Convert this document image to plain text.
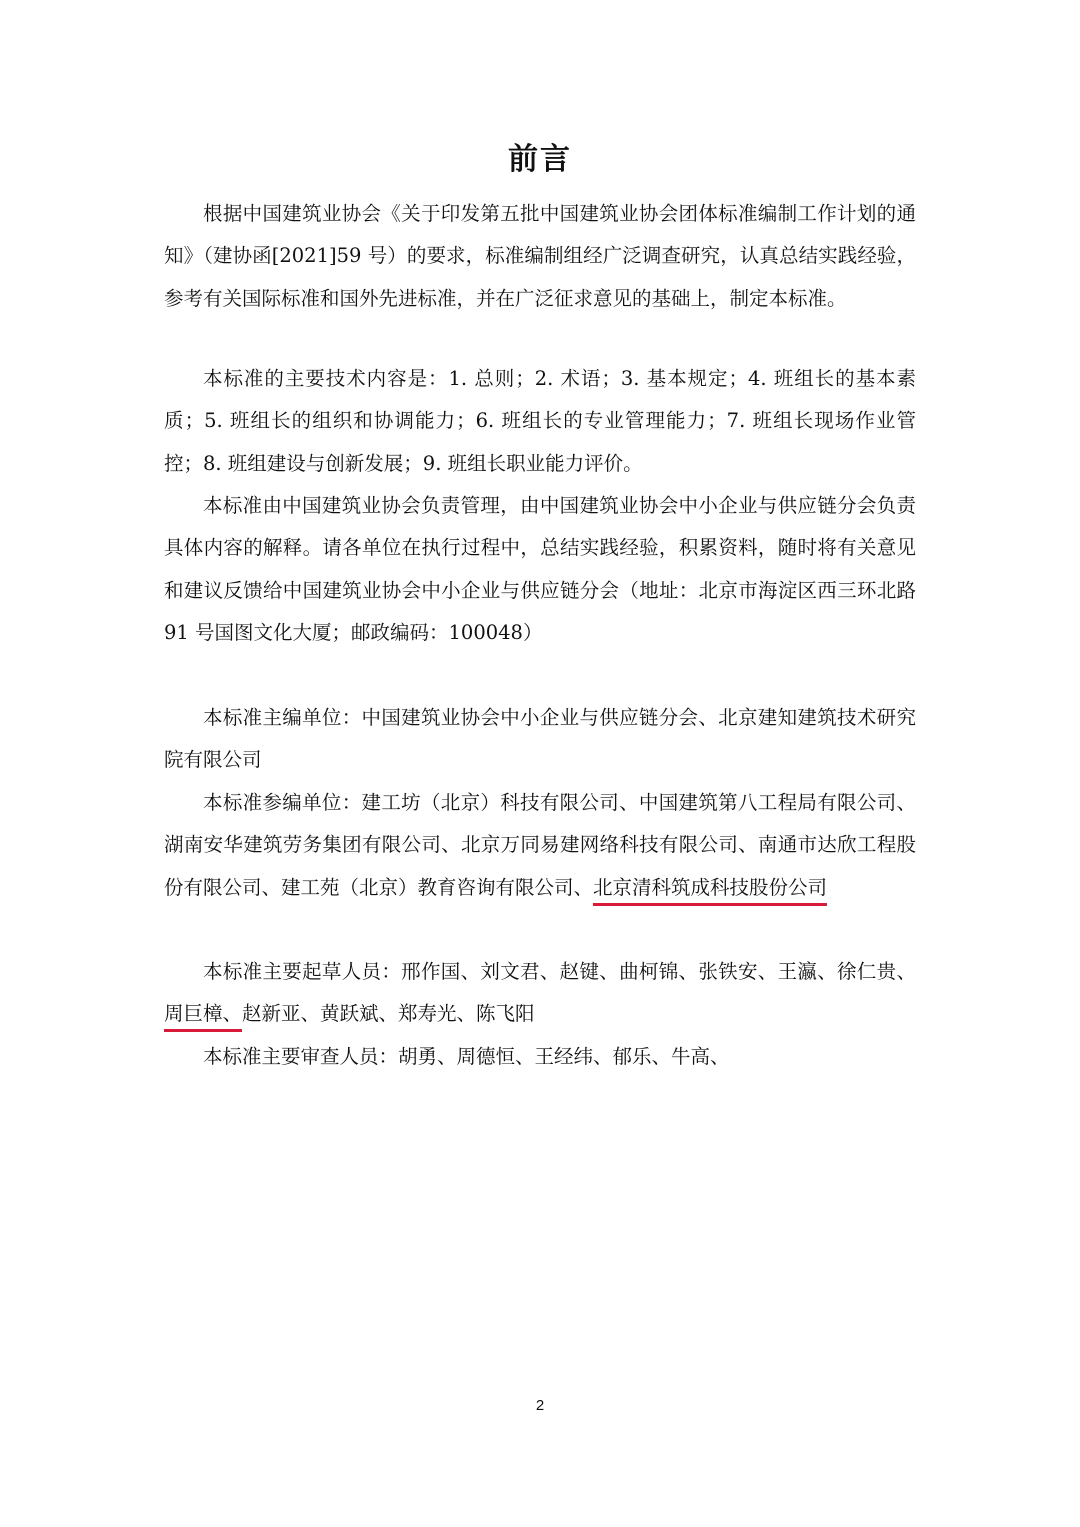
前言

根据中国建筑业协会《关于印发第五批中国建筑业协会团体标准编制工作计划的通知》（建协函[2021]59 号）的要求，标准编制组经广泛调查研究，认真总结实践经验，参考有关国际标准和国外先进标准，并在广泛征求意见的基础上，制定本标准。

本标准的主要技术内容是：1. 总则；2. 术语；3. 基本规定；4. 班组长的基本素质；5. 班组长的组织和协调能力；6. 班组长的专业管理能力；7. 班组长现场作业管控；8. 班组建设与创新发展；9. 班组长职业能力评价。

本标准由中国建筑业协会负责管理，由中国建筑业协会中小企业与供应链分会负责具体内容的解释。请各单位在执行过程中，总结实践经验，积累资料，随时将有关意见和建议反馈给中国建筑业协会中小企业与供应链分会（地址：北京市海淀区西三环北路 91 号国图文化大厦；邮政编码：100048）

本标准主编单位：中国建筑业协会中小企业与供应链分会、北京建知建筑技术研究院有限公司

本标准参编单位：建工坊（北京）科技有限公司、中国建筑第八工程局有限公司、湖南安华建筑劳务集团有限公司、北京万同易建网络科技有限公司、南通市达欣工程股份有限公司、建工苑（北京）教育咨询有限公司、北京清科筑成科技股份公司

本标准主要起草人员：邢作国、刘文君、赵键、曲柯锦、张铁安、王瀛、徐仁贵、周巨樟、赵新亚、黄跃斌、郑寿光、陈飞阳

本标准主要审查人员：胡勇、周德恒、王经纬、郁乐、牛高、

2
